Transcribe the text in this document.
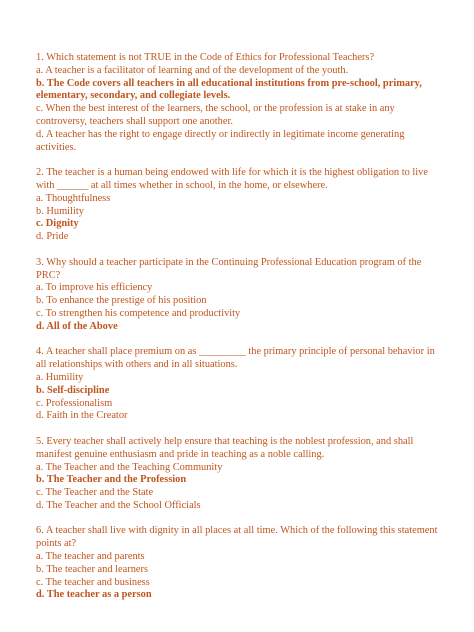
1. Which statement is not TRUE in the Code of Ethics for Professional Teachers?
a. A teacher is a facilitator of learning and of the development of the youth.
b. The Code covers all teachers in all educational institutions from pre-school, primary, elementary, secondary, and collegiate levels.
c. When the best interest of the learners, the school, or the profession is at stake in any controversy, teachers shall support one another.
d. A teacher has the right to engage directly or indirectly in legitimate income generating activities.
2. The teacher is a human being endowed with life for which it is the highest obligation to live with ______ at all times whether in school, in the home, or elsewhere.
a. Thoughtfulness
b. Humility
c. Dignity
d. Pride
3. Why should a teacher participate in the Continuing Professional Education program of the PRC?
a. To improve his efficiency
b. To enhance the prestige of his position
c. To strengthen his competence and productivity
d. All of the Above
4. A teacher shall place premium on as _________ the primary principle of personal behavior in all relationships with others and in all situations.
a. Humility
b. Self-discipline
c. Professionalism
d. Faith in the Creator
5. Every teacher shall actively help ensure that teaching is the noblest profession, and shall manifest genuine enthusiasm and pride in teaching as a noble calling.
a. The Teacher and the Teaching Community
b. The Teacher and the Profession
c. The Teacher and the State
d. The Teacher and the School Officials
6. A teacher shall live with dignity in all places at all time. Which of the following this statement points at?
a. The teacher and parents
b. The teacher and learners
c. The teacher and business
d. The teacher as a person
